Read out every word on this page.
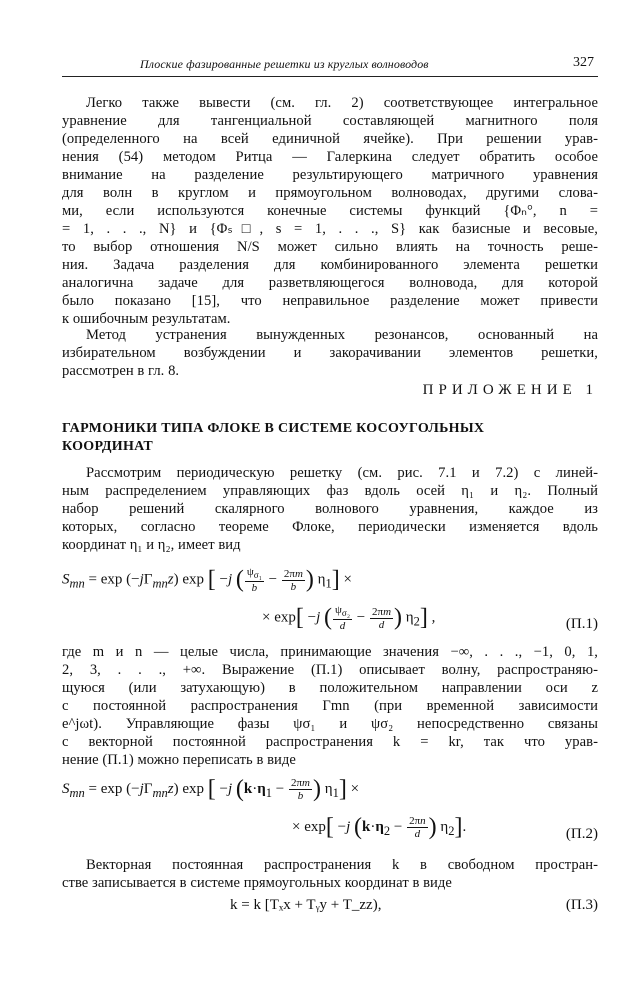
Плоские фазированные решетки из круглых волноводов	327
Легко также вывести (см. гл. 2) соответствующее интегральное
уравнение для тангенциальной составляющей магнитного поля
(определенного на всей единичной ячейке). При решении урав-
нения (54) методом Ритца — Галеркина следует обратить особое
внимание на разделение результирующего матричного уравнения
для волн в круглом и прямоугольном волноводах, другими слова-
ми, если используются конечные системы функций {Φₙ°, n =
= 1, . . ., N} и {Φₛ□, s = 1, . . ., S} как базисные и весовые,
то выбор отношения N/S может сильно влиять на точность реше-
ния. Задача разделения для комбинированного элемента решетки
аналогична задаче для разветвляющегося волновода, для которой
было показано [15], что неправильное разделение может привести
к ошибочным результатам.
Метод устранения вынужденных резонансов, основанный на
избирательном возбуждении и закорачивании элементов решетки,
рассмотрен в гл. 8.
ПРИЛОЖЕНИЕ 1
ГАРМОНИКИ ТИПА ФЛОКЕ В СИСТЕМЕ КОСОУГОЛЬНЫХ КООРДИНАТ
Рассмотрим периодическую решетку (см. рис. 7.1 и 7.2) с линей-
ным распределением управляющих фаз вдоль осей η₁ и η₂. Полный
набор решений скалярного волнового уравнения, каждое из
которых, согласно теореме Флоке, периодически изменяется вдоль
координат η₁ и η₂, имеет вид
$S_{mn} = \exp (-j\Gamma_{mn}z)$ exp [ −j ( $\frac{\psi_{\sigma_1}}{b} - \frac{2\pi m}{b}$ ) $\eta_1$] ×
× exp[ −j ( $\frac{\psi_{\sigma_2}}{d} - \frac{2\pi m}{d}$ ) $\eta_2$] ,	(П.1)
где m и n — целые числа, принимающие значения −∞, . . ., −1, 0, 1,
2, 3, . . ., +∞. Выражение (П.1) описывает волну, распространяю-
щуюся (или затухающую) в положительном направлении оси z
с постоянной распространения Γmn (при временной зависимости
e^jωt). Управляющие фазы ψσ₁ и ψσ₂ непосредственно связаны
с векторной постоянной распространения k = kr, так что урав-
нение (П.1) можно переписать в виде
$S_{mn} = \exp (-j\Gamma_{mn}z)$ exp [ −j ($k\cdot\eta_1 - \frac{2\pi m}{b}$ ) $\eta_1$] ×
× exp[ −j ($k\cdot\eta_2 - \frac{2\pi n}{d}$ ) $\eta_2$].	(П.2)
Векторная постоянная распространения k в свободном простран-
стве записывается в системе прямоугольных координат в виде
k = k [Tₓx + Tᵧy + T_zz),	(П.3)
